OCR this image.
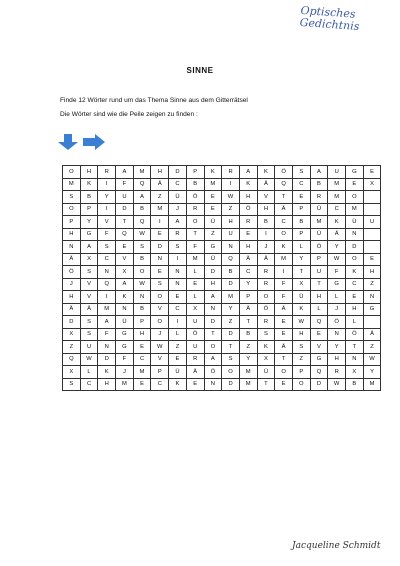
Optisches
Gedichtnis
SINNE
Finde 12 Wörter rund um das Thema Sinne aus dem Gitterrätsel
Die Wörter sind wie die Peile zeigen zu finden :
O	H	R	A	M	H	D	P	K	R	A	K	Ö	S	A	U	G	E
M	K	I	F	Q	Ä	C	B	M	I	K	Ä	Q	C	B	M	E	X
S	B	Y	U	A	Z	Ü	Ö	E	W	H	V	T	E	R	M	O	
O	P	I	D	B	M	J	R	E	Z	Ö	H	Ä	P	Ü	C	M	
P	Y	V	T	Q	I	A	O	Ü	H	R	B	C	B	M	K	Ü	U
H	G	F	Q	W	E	R	T	Z	U	E	I	O	P	Ü	Ä	N	
N	A	S	E	S	D	S	F	G	N	H	J	K	L	Ö	Y	D	
Ä	X	C	V	B	N	I	M	Ü	Q	Ä	Ä	M	Y	P	W	O	E
Ö	S	N	X	O	E	N	L	D	B	C	R	I	T	U	F	K	H
J	V	Q	A	W	S	N	E	H	D	Y	R	F	X	T	G	C	Z
H	V	I	K	N	O	E	L	A	M	P	O	F	Ü	H	L	E	N
Ä	Ä	M	N	B	V	C	X	N	Y	Ä	Ö	Ä	K	L	J	H	G
D	S	A	Ü	P	O	I	U	D	Z	T	R	E	W	Q	Ö	L	
X	S	F	G	H	J	L	Ö	T	D	B	S	E	H	E	N	Ö	Ä
Z	U	N	G	E	W	Z	U	O	T	Z	K	Ä	S	V	Y	T	Z
Q	W	D	F	C	V	E	R	A	S	Y	X	T	Z	G	H	N	W
X	L	K	J	M	P	Ü	Ä	Ö	O	M	Ü	O	P	Q	R	X	Y
S	C	H	M	E	C	K	E	N	D	M	T	E	O	D	W	B	M
Jacqueline Schmidt
